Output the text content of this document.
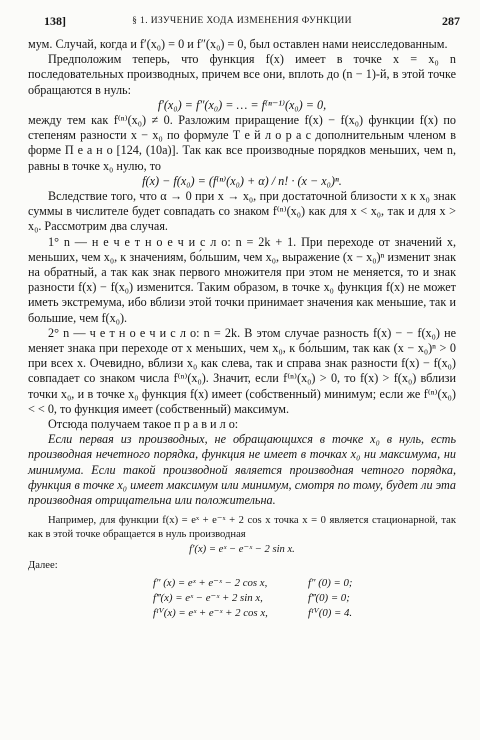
138]	§ 1. ИЗУЧЕНИЕ ХОДА ИЗМЕНЕНИЯ ФУНКЦИИ	287

мум. Случай, когда и f′(x₀) = 0 и f″(x₀) = 0, был оставлен нами неисследованным.

Предположим теперь, что функция f(x) имеет в точке x = x₀ n последовательных производных, причем все они, вплоть до (n − 1)-й, в этой точке обращаются в нуль:

f′(x₀) = f″(x₀) = … = f⁽ⁿ⁻¹⁾(x₀) = 0,

между тем как f⁽ⁿ⁾(x₀) ≠ 0. Разложим приращение f(x) − f(x₀) функции f(x) по степеням разности x − x₀ по формуле Т е й л о р а с дополнительным членом в форме П е а н о [124, (10а)]. Так как все производные порядков меньших, чем n, равны в точке x₀ нулю, то

f(x) − f(x₀) = (f⁽ⁿ⁾(x₀) + α) / n! · (x − x₀)ⁿ.

Вследствие того, что α → 0 при x → x₀, при достаточной близости x к x₀ знак суммы в числителе будет совпадать со знаком f⁽ⁿ⁾(x₀) как для x < x₀, так и для x > x₀. Рассмотрим два случая.

1° n — н е ч е т н о е ч и с л о: n = 2k + 1. При переходе от значений x, меньших, чем x₀, к значениям, бо́льшим, чем x₀, выражение (x − x₀)ⁿ изменит знак на обратный, а так как знак первого множителя при этом не меняется, то и знак разности f(x) − f(x₀) изменится. Таким образом, в точке x₀ функция f(x) не может иметь экстремума, ибо вблизи этой точки принимает значения как меньшие, так и большие, чем f(x₀).

2° n — ч е т н о е ч и с л о: n = 2k. В этом случае разность f(x) − − f(x₀) не меняет знака при переходе от x меньших, чем x₀, к бо́льшим, так как (x − x₀)ⁿ > 0 при всех x. Очевидно, вблизи x₀ как слева, так и справа знак разности f(x) − f(x₀) совпадает со знаком числа f⁽ⁿ⁾(x₀). Значит, если f⁽ⁿ⁾(x₀) > 0, то f(x) > f(x₀) вблизи точки x₀, и в точке x₀ функция f(x) имеет (собственный) минимум; если же f⁽ⁿ⁾(x₀) < < 0, то функция имеет (собственный) максимум.

Отсюда получаем такое п р а в и л о:

Если первая из производных, не обращающихся в точке x₀ в нуль, есть производная нечетного порядка, функция не имеет в точках x₀ ни максимума, ни минимума. Если такой производной является производная четного порядка, функция в точке x₀ имеет максимум или минимум, смотря по тому, будет ли эта производная отрицательна или положительна.

Например, для функции f(x) = eˣ + e⁻ˣ + 2 cos x точка x = 0 является стационарной, так как в этой точке обращается в нуль производная

f′(x) = eˣ − e⁻ˣ − 2 sin x.

Далее:

f″ (x) = eˣ + e⁻ˣ − 2 cos x,	f″ (0) = 0;
f‴(x) = eˣ − e⁻ˣ + 2 sin x,	f‴(0) = 0;
fᴵⱽ(x) = eˣ + e⁻ˣ + 2 cos x,	fᴵⱽ(0) = 4.
